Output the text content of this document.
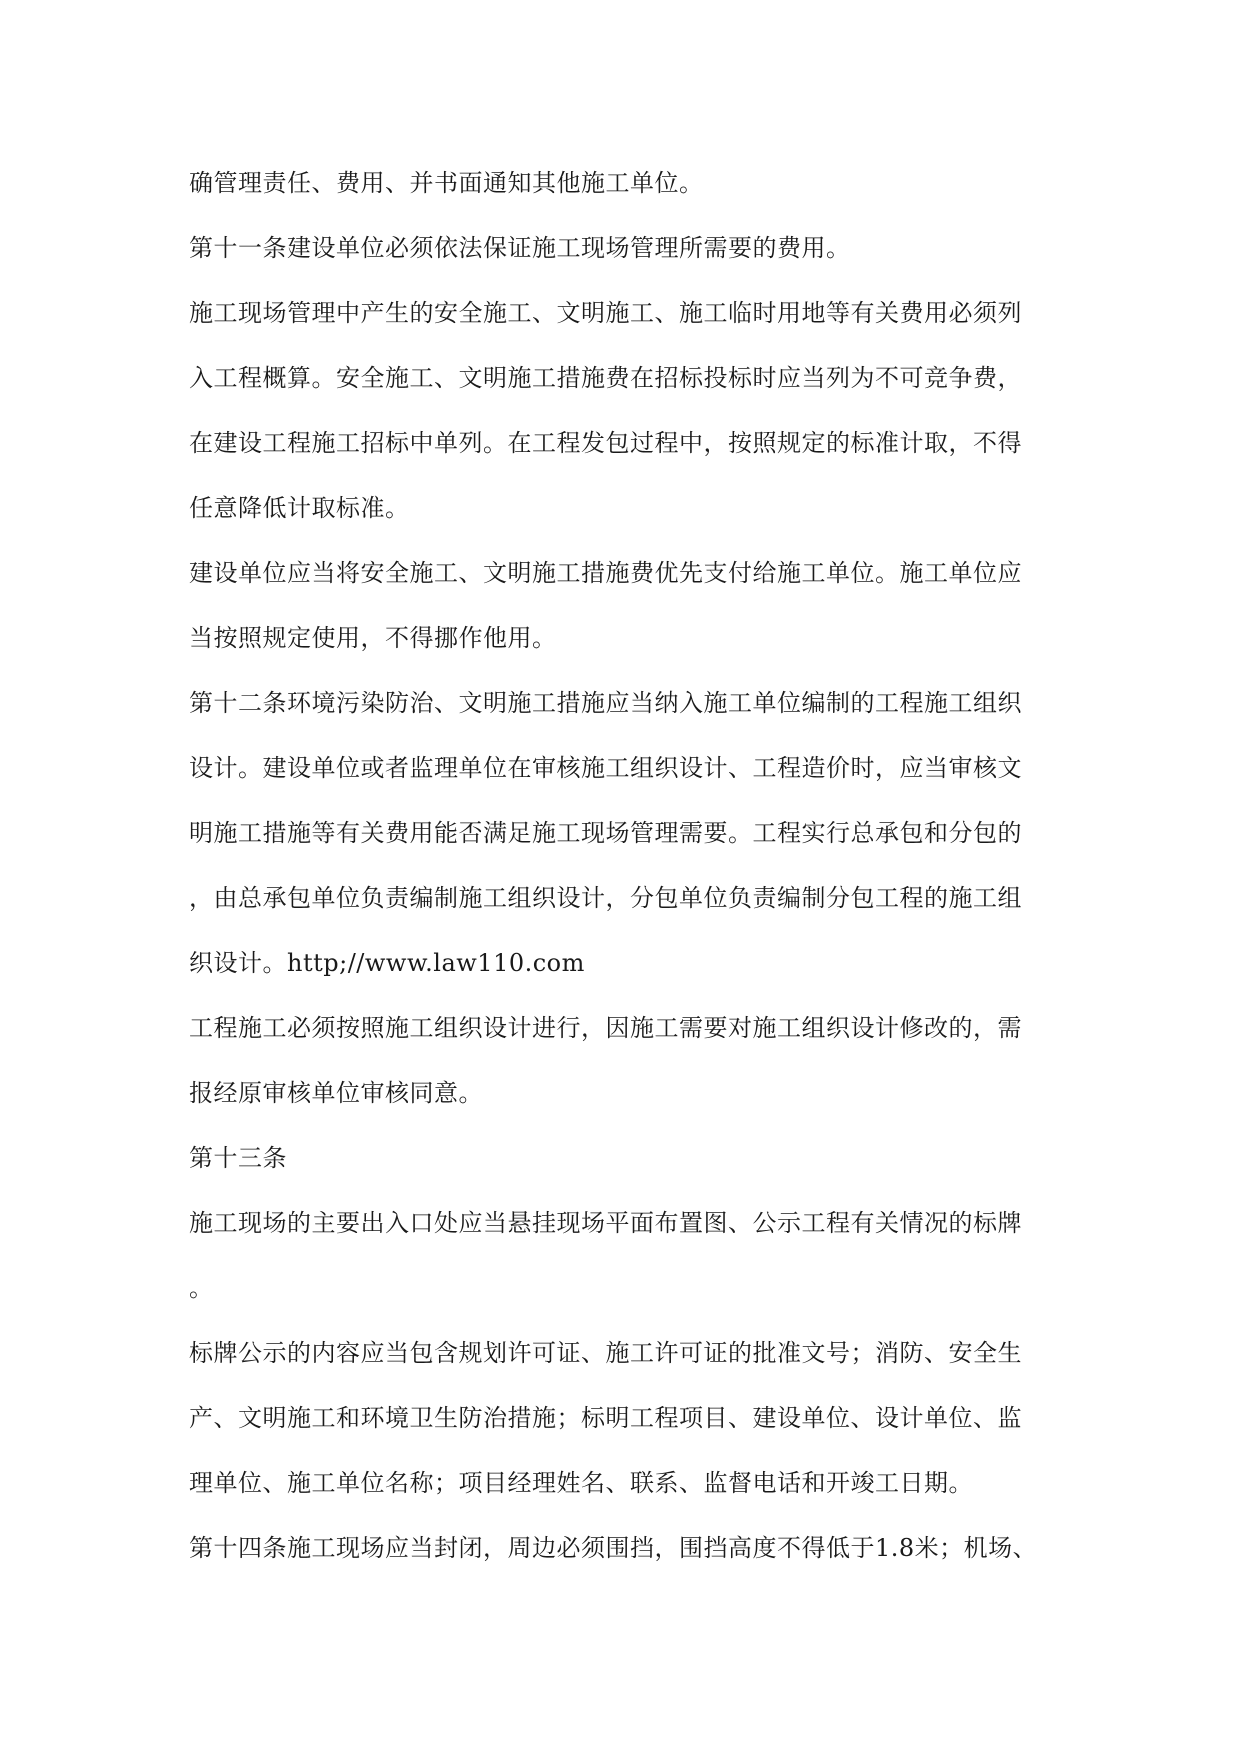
确管理责任、费用、并书面通知其他施工单位。
第十一条建设单位必须依法保证施工现场管理所需要的费用。
施工现场管理中产生的安全施工、文明施工、施工临时用地等有关费用必须列
入工程概算。安全施工、文明施工措施费在招标投标时应当列为不可竞争费，
在建设工程施工招标中单列。在工程发包过程中，按照规定的标准计取，不得
任意降低计取标准。
建设单位应当将安全施工、文明施工措施费优先支付给施工单位。施工单位应
当按照规定使用，不得挪作他用。
第十二条环境污染防治、文明施工措施应当纳入施工单位编制的工程施工组织
设计。建设单位或者监理单位在审核施工组织设计、工程造价时，应当审核文
明施工措施等有关费用能否满足施工现场管理需要。工程实行总承包和分包的
，由总承包单位负责编制施工组织设计，分包单位负责编制分包工程的施工组
织设计。http;//www.law110.com
工程施工必须按照施工组织设计进行，因施工需要对施工组织设计修改的，需
报经原审核单位审核同意。
第十三条
施工现场的主要出入口处应当悬挂现场平面布置图、公示工程有关情况的标牌
。
标牌公示的内容应当包含规划许可证、施工许可证的批准文号；消防、安全生
产、文明施工和环境卫生防治措施；标明工程项目、建设单位、设计单位、监
理单位、施工单位名称；项目经理姓名、联系、监督电话和开竣工日期。
第十四条施工现场应当封闭，周边必须围挡，围挡高度不得低于1.8米；机场、
